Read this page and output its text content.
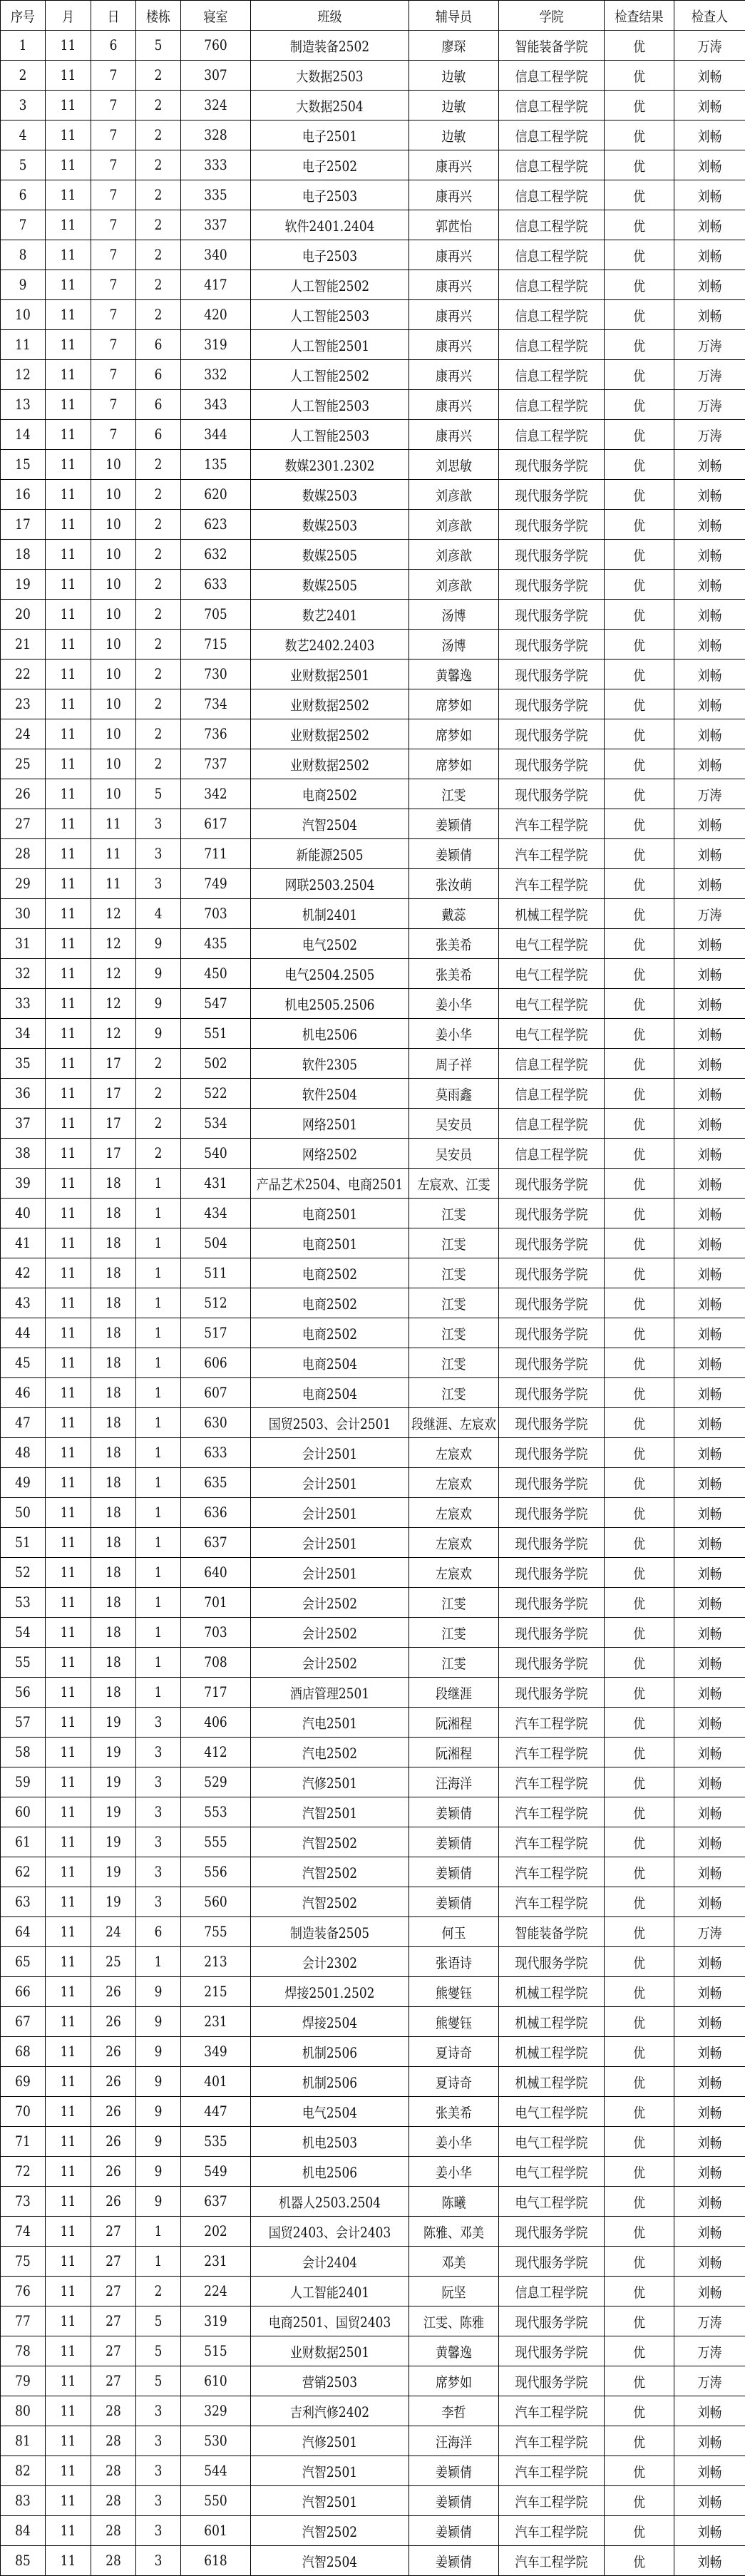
序号	月	日	楼栋	寝室	班级	辅导员	学院	检查结果	检查人
1	11	6	5	760	制造装备2502	廖琛	智能装备学院	优	万涛
2	11	7	2	307	大数据2503	边敏	信息工程学院	优	刘畅
3	11	7	2	324	大数据2504	边敏	信息工程学院	优	刘畅
4	11	7	2	328	电子2501	边敏	信息工程学院	优	刘畅
5	11	7	2	333	电子2502	康再兴	信息工程学院	优	刘畅
6	11	7	2	335	电子2503	康再兴	信息工程学院	优	刘畅
7	11	7	2	337	软件2401.2404	郭苉怡	信息工程学院	优	刘畅
8	11	7	2	340	电子2503	康再兴	信息工程学院	优	刘畅
9	11	7	2	417	人工智能2502	康再兴	信息工程学院	优	刘畅
10	11	7	2	420	人工智能2503	康再兴	信息工程学院	优	刘畅
11	11	7	6	319	人工智能2501	康再兴	信息工程学院	优	万涛
12	11	7	6	332	人工智能2502	康再兴	信息工程学院	优	万涛
13	11	7	6	343	人工智能2503	康再兴	信息工程学院	优	万涛
14	11	7	6	344	人工智能2503	康再兴	信息工程学院	优	万涛
15	11	10	2	135	数媒2301.2302	刘思敏	现代服务学院	优	刘畅
16	11	10	2	620	数媒2503	刘彦歆	现代服务学院	优	刘畅
17	11	10	2	623	数媒2503	刘彦歆	现代服务学院	优	刘畅
18	11	10	2	632	数媒2505	刘彦歆	现代服务学院	优	刘畅
19	11	10	2	633	数媒2505	刘彦歆	现代服务学院	优	刘畅
20	11	10	2	705	数艺2401	汤博	现代服务学院	优	刘畅
21	11	10	2	715	数艺2402.2403	汤博	现代服务学院	优	刘畅
22	11	10	2	730	业财数据2501	黄馨逸	现代服务学院	优	刘畅
23	11	10	2	734	业财数据2502	席梦如	现代服务学院	优	刘畅
24	11	10	2	736	业财数据2502	席梦如	现代服务学院	优	刘畅
25	11	10	2	737	业财数据2502	席梦如	现代服务学院	优	刘畅
26	11	10	5	342	电商2502	江雯	现代服务学院	优	万涛
27	11	11	3	617	汽智2504	姜颖倩	汽车工程学院	优	刘畅
28	11	11	3	711	新能源2505	姜颖倩	汽车工程学院	优	刘畅
29	11	11	3	749	网联2503.2504	张汝萌	汽车工程学院	优	刘畅
30	11	12	4	703	机制2401	戴蕊	机械工程学院	优	万涛
31	11	12	9	435	电气2502	张美希	电气工程学院	优	刘畅
32	11	12	9	450	电气2504.2505	张美希	电气工程学院	优	刘畅
33	11	12	9	547	机电2505.2506	姜小华	电气工程学院	优	刘畅
34	11	12	9	551	机电2506	姜小华	电气工程学院	优	刘畅
35	11	17	2	502	软件2305	周子祥	信息工程学院	优	刘畅
36	11	17	2	522	软件2504	莫雨鑫	信息工程学院	优	刘畅
37	11	17	2	534	网络2501	吴安员	信息工程学院	优	刘畅
38	11	17	2	540	网络2502	吴安员	信息工程学院	优	刘畅
39	11	18	1	431	产品艺术2504、电商2501	左宸欢、江雯	现代服务学院	优	刘畅
40	11	18	1	434	电商2501	江雯	现代服务学院	优	刘畅
41	11	18	1	504	电商2501	江雯	现代服务学院	优	刘畅
42	11	18	1	511	电商2502	江雯	现代服务学院	优	刘畅
43	11	18	1	512	电商2502	江雯	现代服务学院	优	刘畅
44	11	18	1	517	电商2502	江雯	现代服务学院	优	刘畅
45	11	18	1	606	电商2504	江雯	现代服务学院	优	刘畅
46	11	18	1	607	电商2504	江雯	现代服务学院	优	刘畅
47	11	18	1	630	国贸2503、会计2501	段继涯、左宸欢	现代服务学院	优	刘畅
48	11	18	1	633	会计2501	左宸欢	现代服务学院	优	刘畅
49	11	18	1	635	会计2501	左宸欢	现代服务学院	优	刘畅
50	11	18	1	636	会计2501	左宸欢	现代服务学院	优	刘畅
51	11	18	1	637	会计2501	左宸欢	现代服务学院	优	刘畅
52	11	18	1	640	会计2501	左宸欢	现代服务学院	优	刘畅
53	11	18	1	701	会计2502	江雯	现代服务学院	优	刘畅
54	11	18	1	703	会计2502	江雯	现代服务学院	优	刘畅
55	11	18	1	708	会计2502	江雯	现代服务学院	优	刘畅
56	11	18	1	717	酒店管理2501	段继涯	现代服务学院	优	刘畅
57	11	19	3	406	汽电2501	阮湘程	汽车工程学院	优	刘畅
58	11	19	3	412	汽电2502	阮湘程	汽车工程学院	优	刘畅
59	11	19	3	529	汽修2501	汪海洋	汽车工程学院	优	刘畅
60	11	19	3	553	汽智2501	姜颖倩	汽车工程学院	优	刘畅
61	11	19	3	555	汽智2502	姜颖倩	汽车工程学院	优	刘畅
62	11	19	3	556	汽智2502	姜颖倩	汽车工程学院	优	刘畅
63	11	19	3	560	汽智2502	姜颖倩	汽车工程学院	优	刘畅
64	11	24	6	755	制造装备2505	何玉	智能装备学院	优	万涛
65	11	25	1	213	会计2302	张语诗	现代服务学院	优	刘畅
66	11	26	9	215	焊接2501.2502	熊燮钰	机械工程学院	优	刘畅
67	11	26	9	231	焊接2504	熊燮钰	机械工程学院	优	刘畅
68	11	26	9	349	机制2506	夏诗奇	机械工程学院	优	刘畅
69	11	26	9	401	机制2506	夏诗奇	机械工程学院	优	刘畅
70	11	26	9	447	电气2504	张美希	电气工程学院	优	刘畅
71	11	26	9	535	机电2503	姜小华	电气工程学院	优	刘畅
72	11	26	9	549	机电2506	姜小华	电气工程学院	优	刘畅
73	11	26	9	637	机器人2503.2504	陈曦	电气工程学院	优	刘畅
74	11	27	1	202	国贸2403、会计2403	陈雅、邓美	现代服务学院	优	刘畅
75	11	27	1	231	会计2404	邓美	现代服务学院	优	刘畅
76	11	27	2	224	人工智能2401	阮坚	信息工程学院	优	刘畅
77	11	27	5	319	电商2501、国贸2403	江雯、陈雅	现代服务学院	优	万涛
78	11	27	5	515	业财数据2501	黄馨逸	现代服务学院	优	万涛
79	11	27	5	610	营销2503	席梦如	现代服务学院	优	万涛
80	11	28	3	329	吉利汽修2402	李哲	汽车工程学院	优	刘畅
81	11	28	3	530	汽修2501	汪海洋	汽车工程学院	优	刘畅
82	11	28	3	544	汽智2501	姜颖倩	汽车工程学院	优	刘畅
83	11	28	3	550	汽智2501	姜颖倩	汽车工程学院	优	刘畅
84	11	28	3	601	汽智2502	姜颖倩	汽车工程学院	优	刘畅
85	11	28	3	618	汽智2504	姜颖倩	汽车工程学院	优	刘畅
